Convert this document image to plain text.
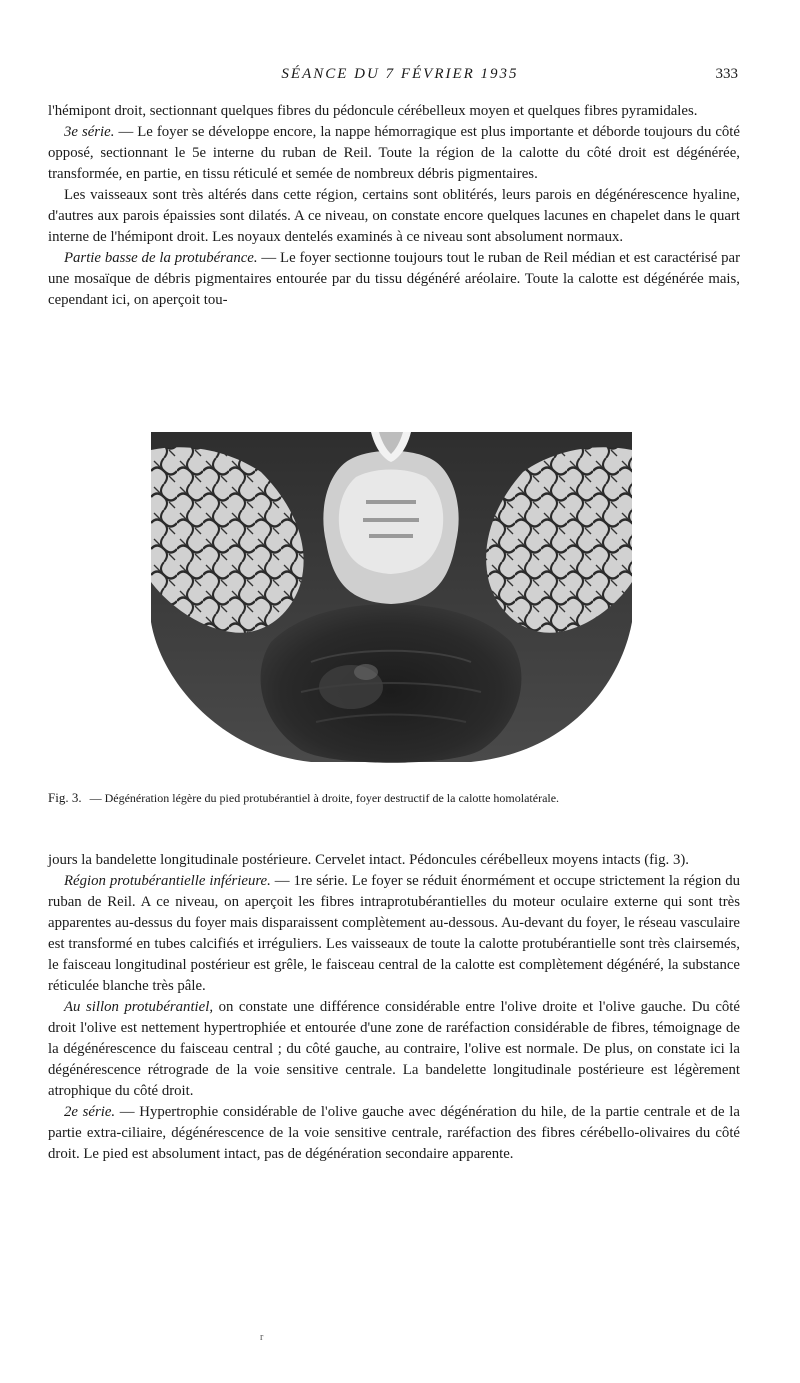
SÉANCE DU 7 FÉVRIER 1935	333

l'hémipont droit, sectionnant quelques fibres du pédoncule cérébelleux moyen et quelques fibres pyramidales.

3e série. — Le foyer se développe encore, la nappe hémorragique est plus importante et déborde toujours du côté opposé, sectionnant le 5e interne du ruban de Reil. Toute la région de la calotte du côté droit est dégénérée, transformée, en partie, en tissu réticulé et semée de nombreux débris pigmentaires.

Les vaisseaux sont très altérés dans cette région, certains sont oblitérés, leurs parois en dégénérescence hyaline, d'autres aux parois épaissies sont dilatés. A ce niveau, on constate encore quelques lacunes en chapelet dans le quart interne de l'hémipont droit. Les noyaux dentelés examinés à ce niveau sont absolument normaux.

Partie basse de la protubérance. — Le foyer sectionne toujours tout le ruban de Reil médian et est caractérisé par une mosaïque de débris pigmentaires entourée par du tissu dégénéré aréolaire. Toute la calotte est dégénérée mais, cependant ici, on aperçoit tou-

Fig. 3. — Dégénération légère du pied protubérantiel à droite, foyer destructif de la calotte homolatérale.

jours la bandelette longitudinale postérieure. Cervelet intact. Pédoncules cérébelleux moyens intacts (fig. 3).

Région protubérantielle inférieure. — 1re série. Le foyer se réduit énormément et occupe strictement la région du ruban de Reil. A ce niveau, on aperçoit les fibres intraprotubérantielles du moteur oculaire externe qui sont très apparentes au-dessus du foyer mais disparaissent complètement au-dessous. Au-devant du foyer, le réseau vasculaire est transformé en tubes calcifiés et irréguliers. Les vaisseaux de toute la calotte protubérantielle sont très clairsemés, le faisceau longitudinal postérieur est grêle, le faisceau central de la calotte est complètement dégénéré, la substance réticulée blanche très pâle.

Au sillon protubérantiel, on constate une différence considérable entre l'olive droite et l'olive gauche. Du côté droit l'olive est nettement hypertrophiée et entourée d'une zone de raréfaction considérable de fibres, témoignage de la dégénérescence du faisceau central ; du côté gauche, au contraire, l'olive est normale. De plus, on constate ici la dégénérescence rétrograde de la voie sensitive centrale. La bandelette longitudinale postérieure est légèrement atrophique du côté droit.

2e série. — Hypertrophie considérable de l'olive gauche avec dégénération du hile, de la partie centrale et de la partie extra-ciliaire, dégénérescence de la voie sensitive centrale, raréfaction des fibres cérébello-olivaires du côté droit. Le pied est absolument intact, pas de dégénération secondaire apparente.

r
